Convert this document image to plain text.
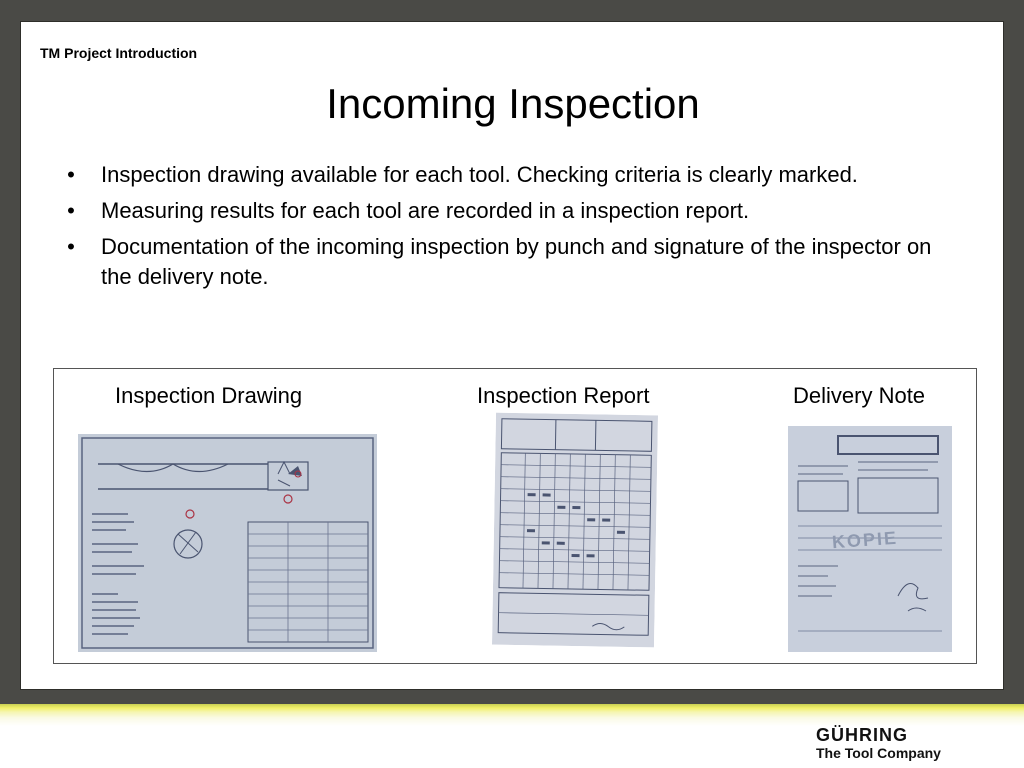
TM Project Introduction
Incoming Inspection
• Inspection drawing available for each tool. Checking criteria is clearly marked.
• Measuring results for each tool are recorded in a inspection report.
• Documentation of the incoming inspection by punch and signature of the inspector on the delivery note.
Inspection Drawing	Inspection Report	Delivery Note
KOPIE
GÜHRING
The Tool Company
